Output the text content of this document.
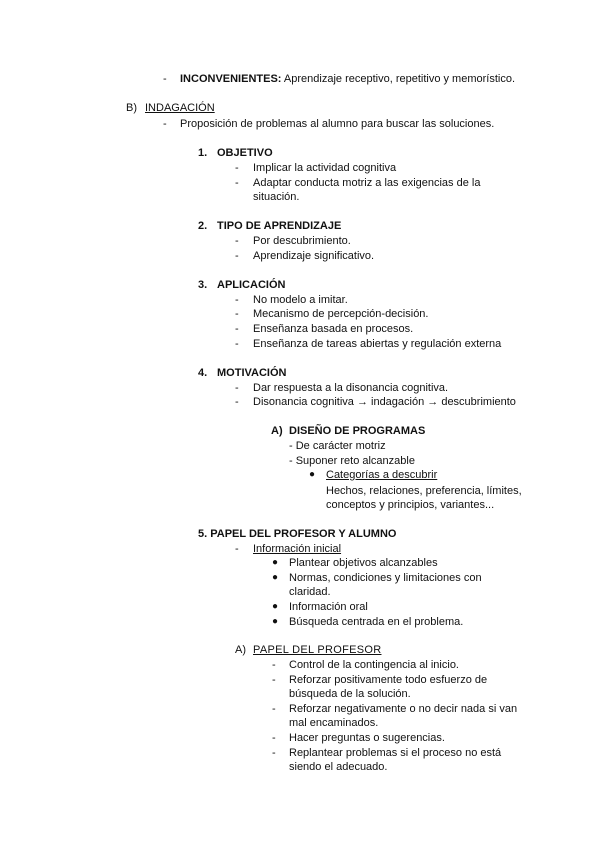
- INCONVENIENTES: Aprendizaje receptivo, repetitivo y memorístico.
B) INDAGACIÓN
- Proposición de problemas al alumno para buscar las soluciones.
1. OBJETIVO
- Implicar la actividad cognitiva
- Adaptar conducta motriz a las exigencias de la
situación.
2. TIPO DE APRENDIZAJE
- Por descubrimiento.
- Aprendizaje significativo.
3. APLICACIÓN
- No modelo a imitar.
- Mecanismo de percepción-decisión.
- Enseñanza basada en procesos.
- Enseñanza de tareas abiertas y regulación externa
4. MOTIVACIÓN
- Dar respuesta a la disonancia cognitiva.
- Disonancia cognitiva → indagación → descubrimiento
A) DISEÑO DE PROGRAMAS
- De carácter motriz
- Suponer reto alcanzable
● Categorías a descubrir
Hechos, relaciones, preferencia, límites,
conceptos y principios, variantes...
5. PAPEL DEL PROFESOR Y ALUMNO
- Información inicial
● Plantear objetivos alcanzables
● Normas, condiciones y limitaciones con
claridad.
● Información oral
● Búsqueda centrada en el problema.
A) PAPEL DEL PROFESOR
- Control de la contingencia al inicio.
- Reforzar positivamente todo esfuerzo de
búsqueda de la solución.
- Reforzar negativamente o no decir nada si van
mal encaminados.
- Hacer preguntas o sugerencias.
- Replantear problemas si el proceso no está
siendo el adecuado.
